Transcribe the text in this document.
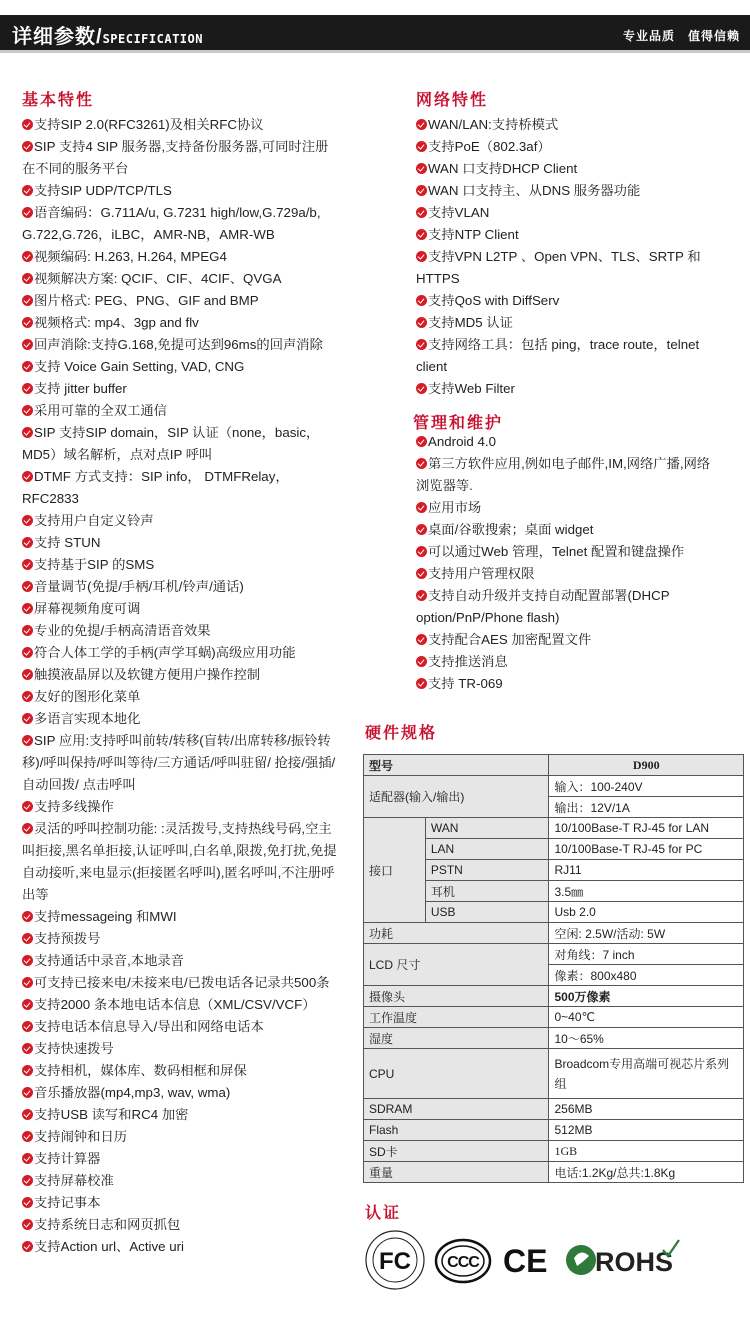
详细参数/SPECIFICATION	专业品质　值得信赖
基本特性	网络特性
管理和维护
硬件规格
认证
支持SIP 2.0(RFC3261)及相关RFC协议
SIP 支持4 SIP 服务器,支持备份服务器,可同时注册在不同的服务平台
支持SIP UDP/TCP/TLS
语音编码：G.711A/u, G.7231 high/low,G.729a/b, G.722,G.726，iLBC，AMR-NB，AMR-WB
视频编码: H.263, H.264, MPEG4
视频解决方案: QCIF、CIF、4CIF、QVGA
图片格式: PEG、PNG、GIF and BMP
视频格式: mp4、3gp and flv
回声消除:支持G.168,免提可达到96ms的回声消除
支持 Voice Gain Setting, VAD, CNG
支持 jitter buffer
采用可靠的全双工通信
SIP 支持SIP domain，SIP 认证（none，basic，MD5）域名解析，点对点IP 呼叫
DTMF 方式支持：SIP info， DTMFRelay，RFC2833
支持用户自定义铃声
支持 STUN
支持基于SIP 的SMS
音量调节(免提/手柄/耳机/铃声/通话)
屏幕视频角度可调
专业的免提/手柄高清语音效果
符合人体工学的手柄(声学耳蜗)高级应用功能
触摸液晶屏以及软键方便用户操作控制
友好的图形化菜单
多语言实现本地化
SIP 应用:支持呼叫前转/转移(盲转/出席转移/振铃转移)/呼叫保持/呼叫等待/三方通话/呼叫驻留/ 抢接/强插/自动回拨/ 点击呼叫
支持多线操作
灵活的呼叫控制功能: :灵活拨号,支持热线号码,空主叫拒接,黑名单拒接,认证呼叫,白名单,限拨,免打扰,免提自动接听,来电显示(拒接匿名呼叫),匿名呼叫,不注册呼出等
支持messageing 和MWI
支持预拨号
支持通话中录音,本地录音
可支持已接来电/未接来电/已拨电话各记录共500条
支持2000 条本地电话本信息（XML/CSV/VCF）
支持电话本信息导入/导出和网络电话本
支持快速拨号
支持相机，媒体库、数码相框和屏保
音乐播放器(mp4,mp3, wav, wma)
支持USB 读写和RC4 加密
支持闹钟和日历
支持计算器
支持屏幕校准
支持记事本
支持系统日志和网页抓包
支持Action url、Active uri
WAN/LAN:支持桥模式
支持PoE（802.3af）
WAN 口支持DHCP Client
WAN 口支持主、从DNS 服务器功能
支持VLAN
支持NTP Client
支持VPN L2TP 、Open VPN、TLS、SRTP 和HTTPS
支持QoS with DiffServ
支持MD5 认证
支持网络工具：包括 ping，trace route，telnet client
支持Web Filter
Android 4.0
第三方软件应用,例如电子邮件,IM,网络广播,网络浏览器等.
应用市场
桌面/谷歌搜索；桌面 widget
可以通过Web 管理，Telnet 配置和键盘操作
支持用户管理权限
支持自动升级并支持自动配置部署(DHCP option/PnP/Phone flash)
支持配合AES 加密配置文件
支持推送消息
支持 TR-069
型号		D900
适配器(输入/输出)		输入：100-240V
		输出：12V/1A
接口	WAN	10/100Base-T RJ-45 for LAN
	LAN	10/100Base-T RJ-45 for PC
	PSTN	RJ11
	耳机	3.5㎜
	USB	Usb 2.0
功耗		空闲: 2.5W/活动: 5W
LCD 尺寸		对角线：7 inch
		像素：800x480
摄像头		500万像素
工作温度		0~40℃
湿度		10～65%
CPU		Broadcom专用高端可视芯片系列组
SDRAM		256MB
Flash		512MB
SD卡		1GB
重量		电话:1.2Kg/总共:1.8Kg
FC CCC CE ROHS
